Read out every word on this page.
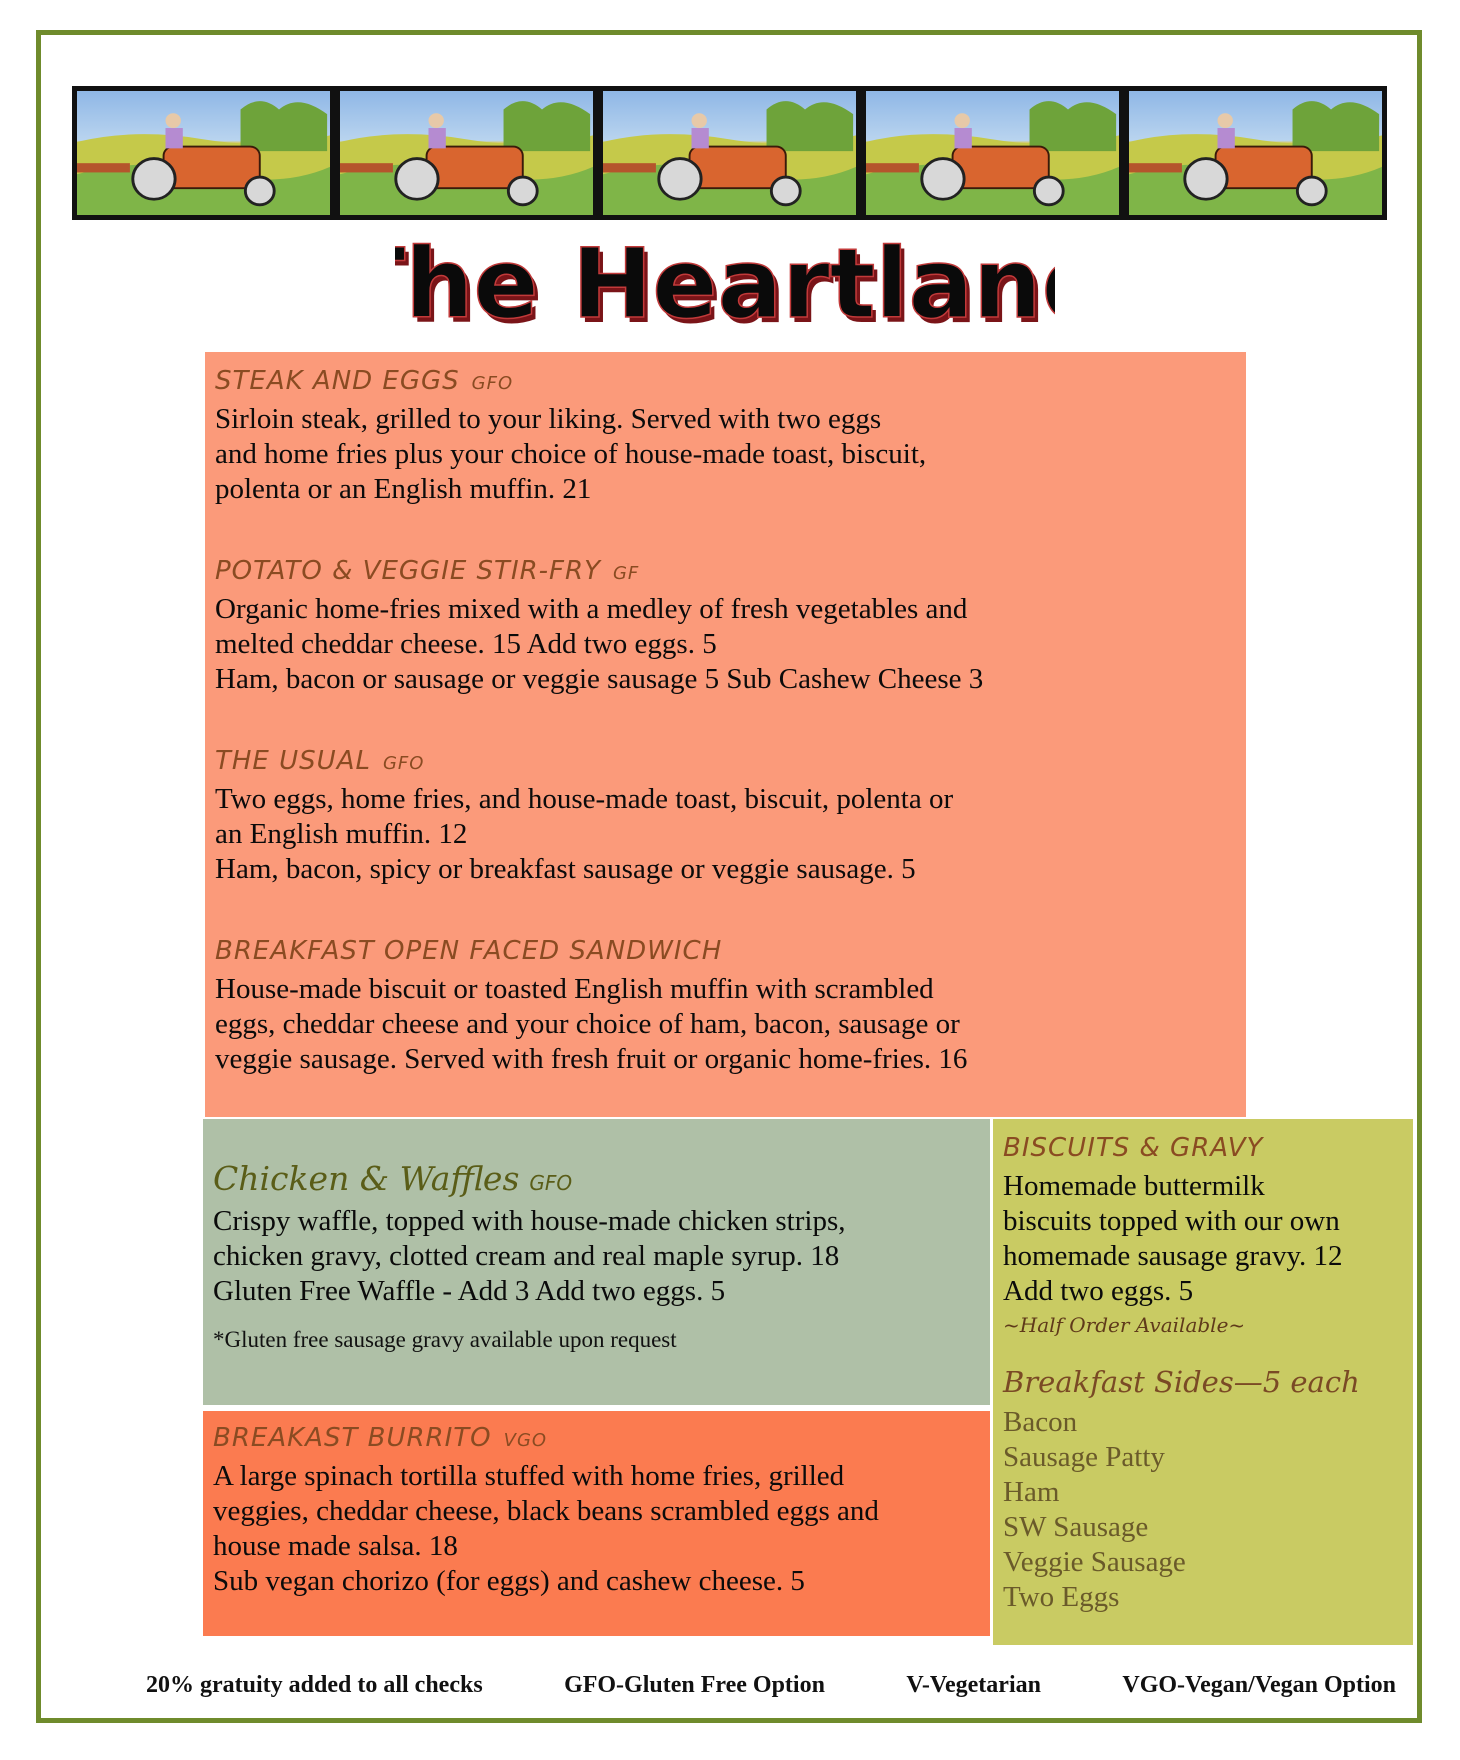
he Heartlan
he Heartlan
STEAK AND EGGS GFO

Sirloin steak, grilled to your liking. Served with two eggs

and home fries plus your choice of house-made toast, biscuit,

polenta or an English muffin. 21

POTATO & VEGGIE STIR-FRY GF

Organic home-fries mixed with a medley of fresh vegetables and

melted cheddar cheese. 15 Add two eggs. 5

Ham, bacon or sausage or veggie sausage 5 Sub Cashew Cheese 3

THE USUAL GFO

Two eggs, home fries, and house-made toast, biscuit, polenta or

an English muffin. 12

Ham, bacon, spicy or breakfast sausage or veggie sausage. 5

BREAKFAST OPEN FACED SANDWICH

House-made biscuit or toasted English muffin with scrambled

eggs, cheddar cheese and your choice of ham, bacon, sausage or

veggie sausage. Served with fresh fruit or organic home-fries. 16

Chicken & Waffles GFO

Crispy waffle, topped with house-made chicken strips,

chicken gravy, clotted cream and real maple syrup. 18

Gluten Free Waffle - Add 3 Add two eggs. 5

*Gluten free sausage gravy available upon request
BREAKAST BURRITO VGO

A large spinach tortilla stuffed with home fries, grilled

veggies, cheddar cheese, black beans scrambled eggs and

house made salsa. 18

Sub vegan chorizo (for eggs) and cashew cheese. 5

BISCUITS & GRAVY

Homemade buttermilk

biscuits topped with our own

homemade sausage gravy. 12

Add two eggs. 5

~Half Order Available~
Breakfast Sides—5 each
Bacon
Sausage Patty
Ham
SW Sausage
Veggie Sausage
Two Eggs
20% gratuity added to all checks	GFO-Gluten Free Option	V-Vegetarian	VGO-Vegan/Vegan Option
